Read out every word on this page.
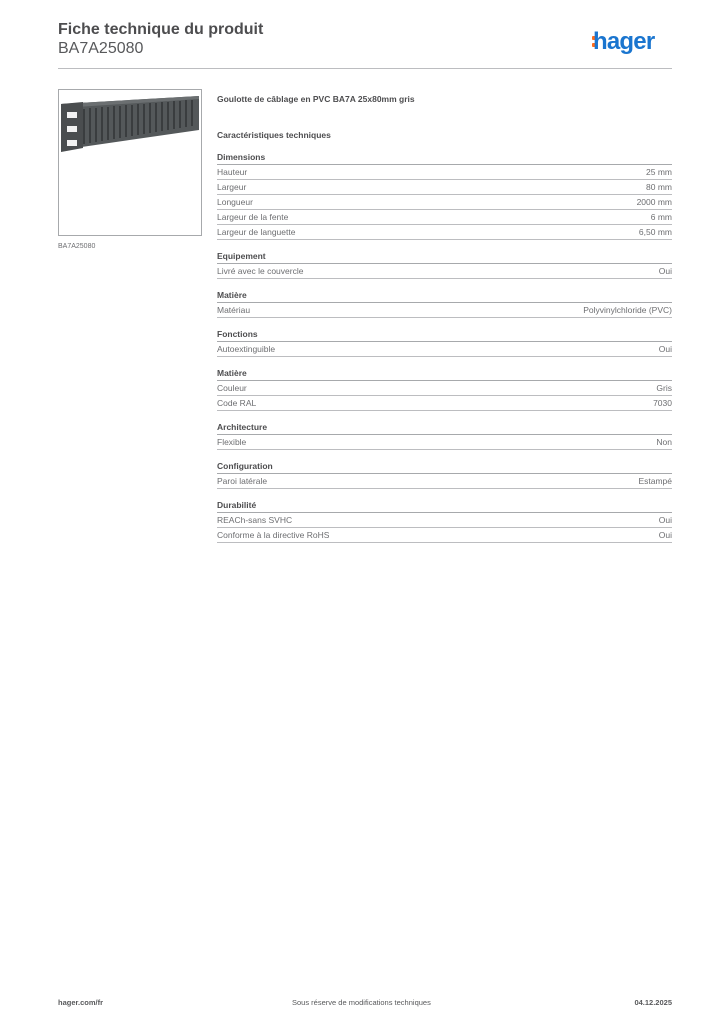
Fiche technique du produit
BA7A25080	hager
BA7A25080
Goulotte de câblage en PVC BA7A 25x80mm gris
Caractéristiques techniques
Dimensions
Hauteur	25 mm
Largeur	80 mm
Longueur	2000 mm
Largeur de la fente	6 mm
Largeur de languette	6,50 mm
Equipement
Livré avec le couvercle	Oui
Matière
Matériau	Polyvinylchloride (PVC)
Fonctions
Autoextinguible	Oui
Matière
Couleur	Gris
Code RAL	7030
Architecture
Flexible	Non
Configuration
Paroi latérale	Estampé
Durabilité
REACh-sans SVHC	Oui
Conforme à la directive RoHS	Oui
hager.com/fr	Sous réserve de modifications techniques	04.12.2025
